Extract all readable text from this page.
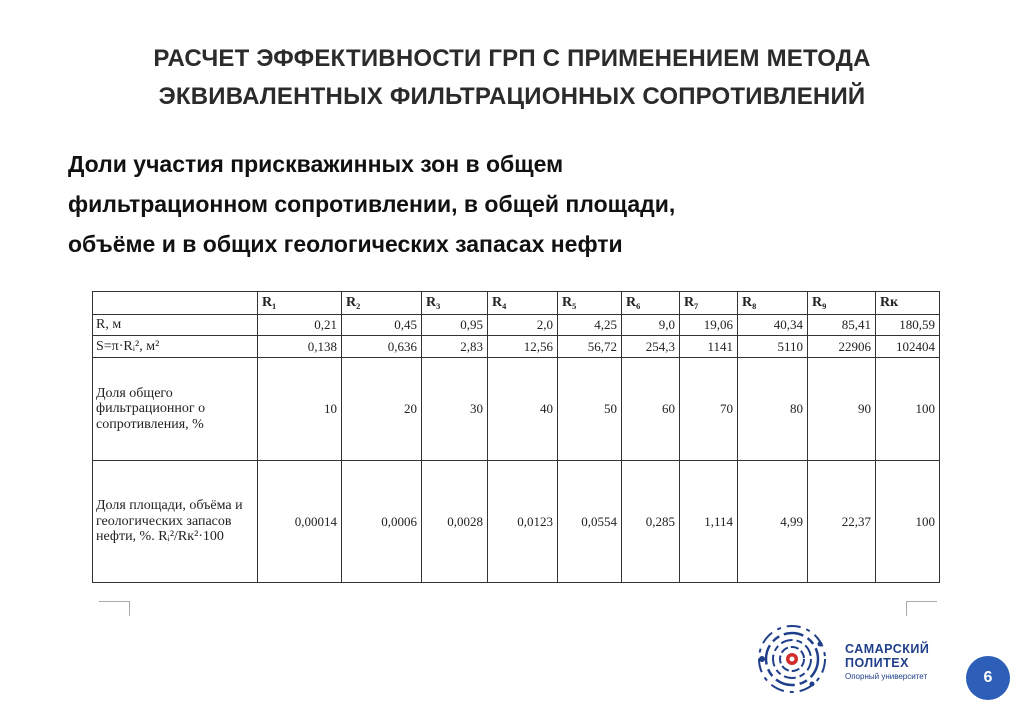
РАСЧЕТ ЭФФЕКТИВНОСТИ ГРП С ПРИМЕНЕНИЕМ МЕТОДА
ЭКВИВАЛЕНТНЫХ ФИЛЬТРАЦИОННЫХ СОПРОТИВЛЕНИЙ
Доли участия прискважинных зон в общем
фильтрационном сопротивлении, в общей площади,
объёме и в общих геологических запасах нефти
	R₁	R₂	R₃	R₄	R₅	R₆	R₇	R₈	R₉	Rк
R, м	0,21	0,45	0,95	2,0	4,25	9,0	19,06	40,34	85,41	180,59
S=π·Rᵢ², м²	0,138	0,636	2,83	12,56	56,72	254,3	1141	5110	22906	102404
Доля общего фильтрационног о сопротивления, %	10	20	30	40	50	60	70	80	90	100
Доля площади, объёма и геологических запасов нефти, %. Rᵢ²/Rк²·100	0,00014	0,0006	0,0028	0,0123	0,0554	0,285	1,114	4,99	22,37	100
САМАРСКИЙ
ПОЛИТЕХ
Опорный университет	6
